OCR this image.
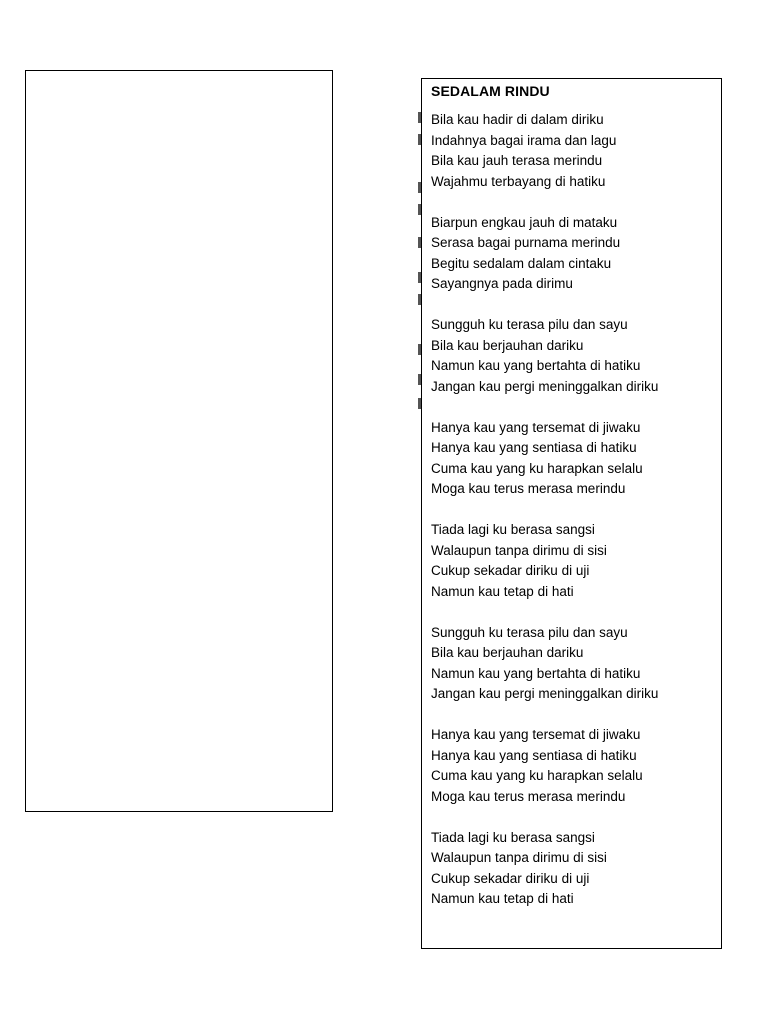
SEDALAM RINDU
Bila kau hadir di dalam diriku
Indahnya bagai irama dan lagu
Bila kau jauh terasa merindu
Wajahmu terbayang di hatiku
Biarpun engkau jauh di mataku
Serasa bagai purnama merindu
Begitu sedalam dalam cintaku
Sayangnya pada dirimu
Sungguh ku terasa pilu dan sayu
Bila kau berjauhan dariku
Namun kau yang bertahta di hatiku
Jangan kau pergi meninggalkan diriku
Hanya kau yang tersemat di jiwaku
Hanya kau yang sentiasa di hatiku
Cuma kau yang ku harapkan selalu
Moga kau terus merasa merindu
Tiada lagi ku berasa sangsi
Walaupun tanpa dirimu di sisi
Cukup sekadar diriku di uji
Namun kau tetap di hati
Sungguh ku terasa pilu dan sayu
Bila kau berjauhan dariku
Namun kau yang bertahta di hatiku
Jangan kau pergi meninggalkan diriku
Hanya kau yang tersemat di jiwaku
Hanya kau yang sentiasa di hatiku
Cuma kau yang ku harapkan selalu
Moga kau terus merasa merindu
Tiada lagi ku berasa sangsi
Walaupun tanpa dirimu di sisi
Cukup sekadar diriku di uji
Namun kau tetap di hati
